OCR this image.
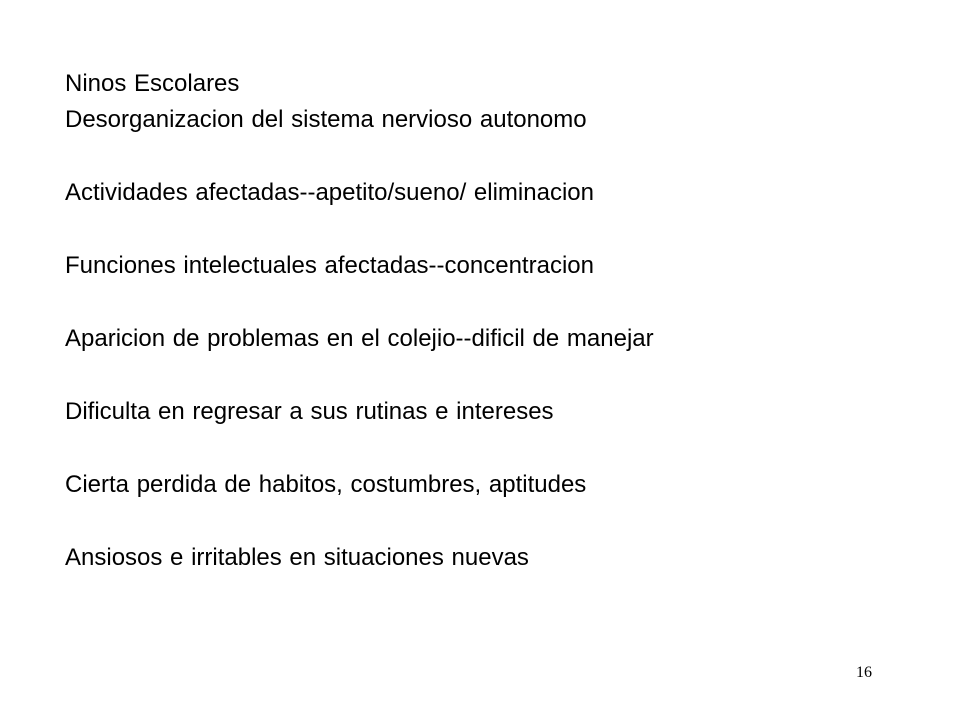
Ninos Escolares

Desorganizacion del sistema nervioso autonomo

Actividades afectadas--apetito/sueno/ eliminacion

Funciones intelectuales afectadas--concentracion

Aparicion de problemas en el colejio--dificil de manejar

Dificulta en regresar a sus rutinas e intereses

Cierta perdida de habitos, costumbres, aptitudes

Ansiosos e irritables en situaciones nuevas

16
